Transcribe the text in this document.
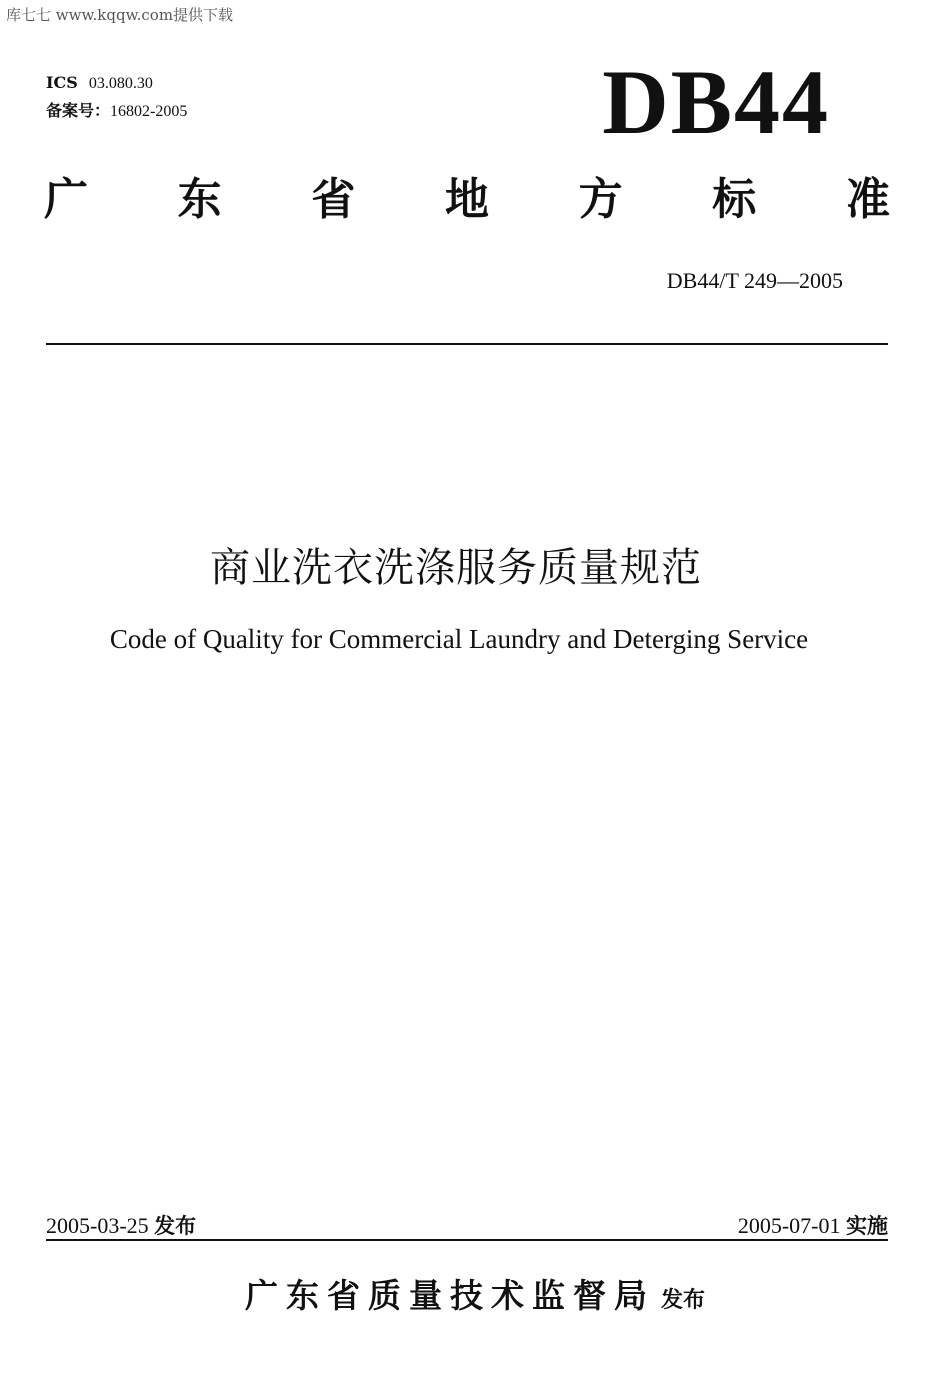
库七七 www.kqqw.com提供下载
ICS 03.080.30
备案号：16802-2005	DB44
广 东 省 地 方 标 准
DB44/T 249—2005
商业洗衣洗涤服务质量规范
Code of Quality for Commercial Laundry and Deterging Service
2005-03-25 发布	2005-07-01 实施
广东省质量技术监督局 发布
